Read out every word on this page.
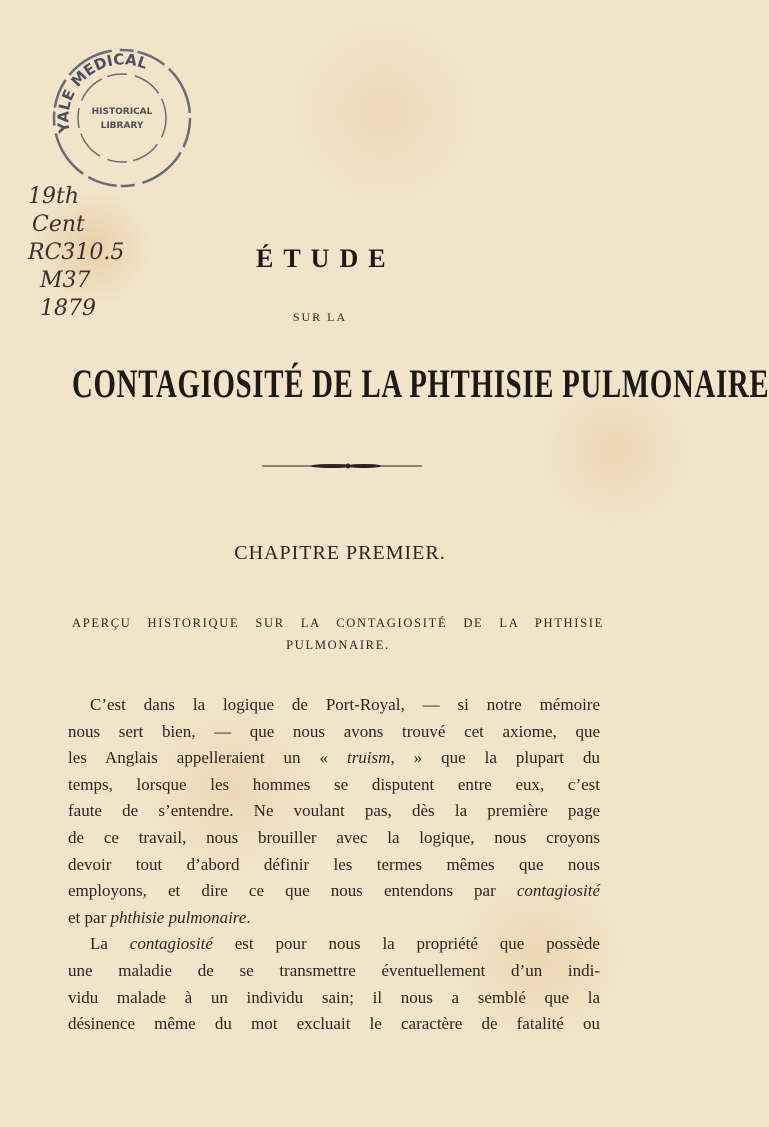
YALE MEDICAL
HISTORICAL
LIBRARY
19th
Cent
RC310.5
M37
1879
ÉTUDE
SUR LA
CONTAGIOSITÉ DE LA PHTHISIE PULMONAIRE
CHAPITRE PREMIER.
APERÇU HISTORIQUE SUR LA CONTAGIOSITÉ DE LA PHTHISIE PULMONAIRE.
C’est dans la logique de Port-Royal, — si notre mémoire
nous sert bien, — que nous avons trouvé cet axiome, que
les Anglais appelleraient un « truism, » que la plupart du
temps, lorsque les hommes se disputent entre eux, c’est
faute de s’entendre. Ne voulant pas, dès la première page
de ce travail, nous brouiller avec la logique, nous croyons
devoir tout d’abord définir les termes mêmes que nous
employons, et dire ce que nous entendons par contagiosité
et par phthisie pulmonaire.
La contagiosité est pour nous la propriété que possède
une maladie de se transmettre éventuellement d’un indi-
vidu malade à un individu sain; il nous a semblé que la
désinence même du mot excluait le caractère de fatalité ou
